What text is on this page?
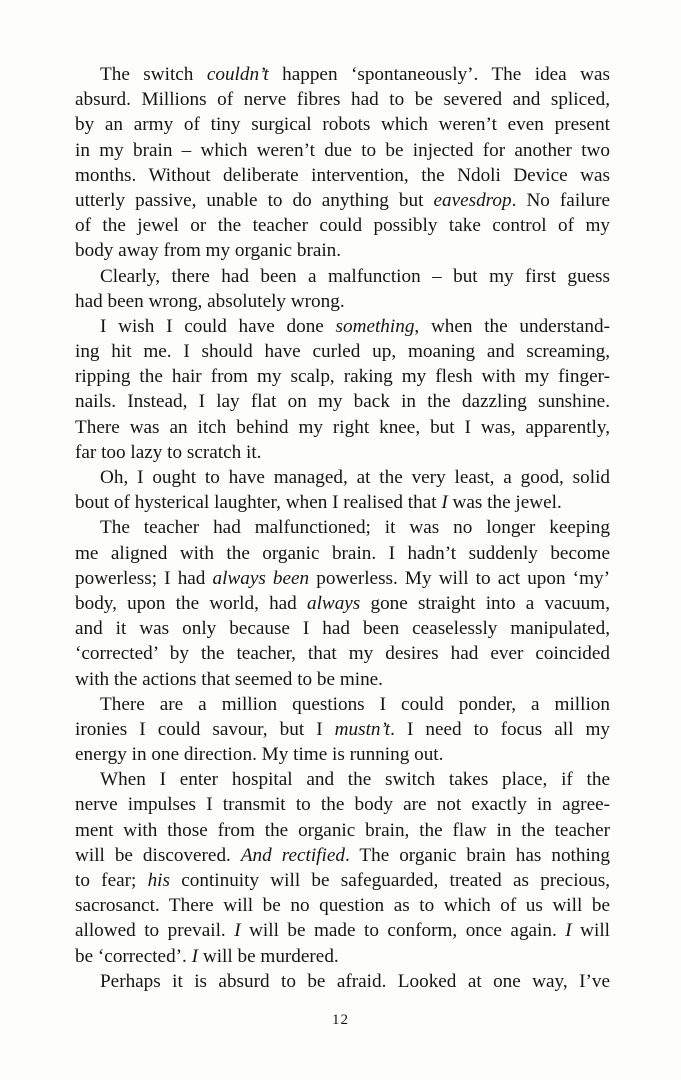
The switch couldn’t happen ‘spontaneously’. The idea was
absurd. Millions of nerve fibres had to be severed and spliced,
by an army of tiny surgical robots which weren’t even present
in my brain – which weren’t due to be injected for another two
months. Without deliberate intervention, the Ndoli Device was
utterly passive, unable to do anything but eavesdrop. No failure
of the jewel or the teacher could possibly take control of my
body away from my organic brain.
Clearly, there had been a malfunction – but my first guess
had been wrong, absolutely wrong.
I wish I could have done something, when the understand-
ing hit me. I should have curled up, moaning and screaming,
ripping the hair from my scalp, raking my flesh with my finger-
nails. Instead, I lay flat on my back in the dazzling sunshine.
There was an itch behind my right knee, but I was, apparently,
far too lazy to scratch it.
Oh, I ought to have managed, at the very least, a good, solid
bout of hysterical laughter, when I realised that I was the jewel.
The teacher had malfunctioned; it was no longer keeping
me aligned with the organic brain. I hadn’t suddenly become
powerless; I had always been powerless. My will to act upon ‘my’
body, upon the world, had always gone straight into a vacuum,
and it was only because I had been ceaselessly manipulated,
‘corrected’ by the teacher, that my desires had ever coincided
with the actions that seemed to be mine.
There are a million questions I could ponder, a million
ironies I could savour, but I mustn’t. I need to focus all my
energy in one direction. My time is running out.
When I enter hospital and the switch takes place, if the
nerve impulses I transmit to the body are not exactly in agree-
ment with those from the organic brain, the flaw in the teacher
will be discovered. And rectified. The organic brain has nothing
to fear; his continuity will be safeguarded, treated as precious,
sacrosanct. There will be no question as to which of us will be
allowed to prevail. I will be made to conform, once again. I will
be ‘corrected’. I will be murdered.
Perhaps it is absurd to be afraid. Looked at one way, I’ve
12
